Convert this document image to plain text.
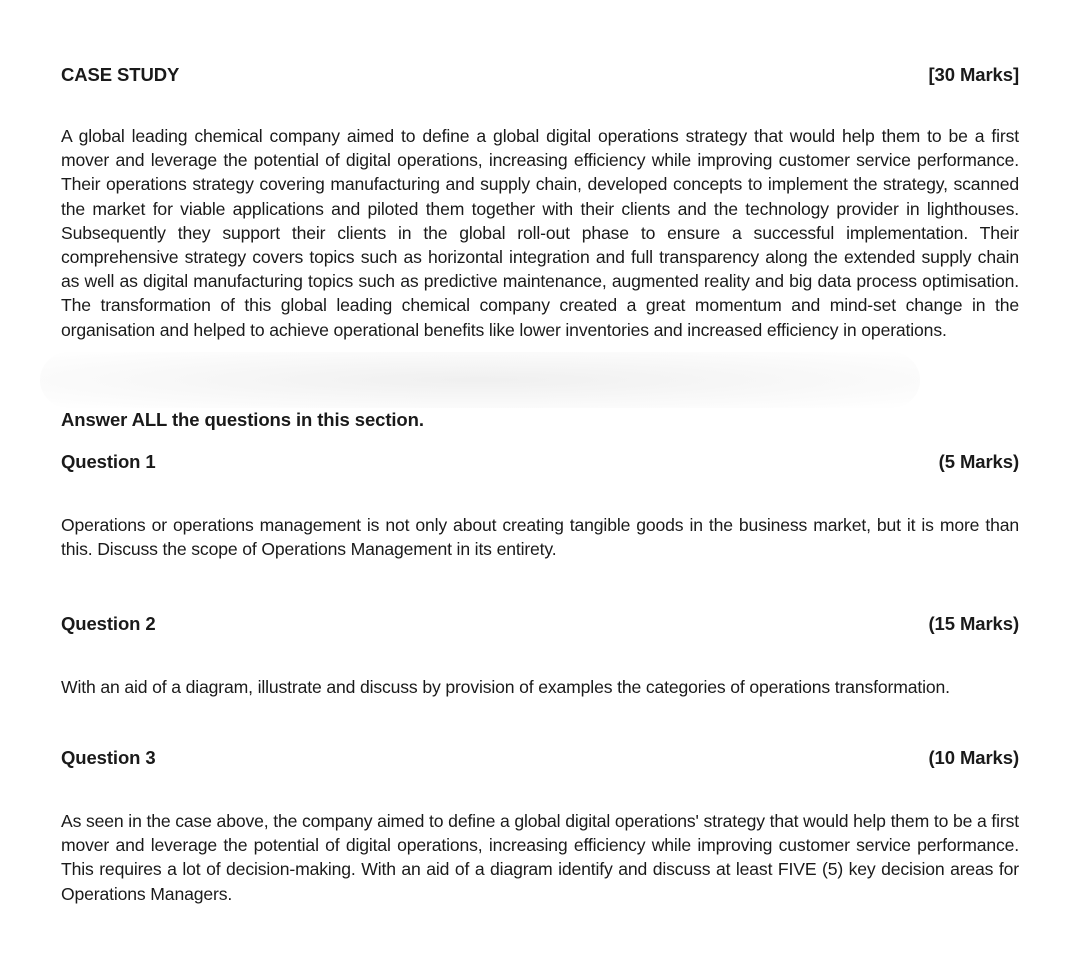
CASE STUDY	[30 Marks]

A global leading chemical company aimed to define a global digital operations strategy that would help them to be a first mover and leverage the potential of digital operations, increasing efficiency while improving customer service performance. Their operations strategy covering manufacturing and supply chain, developed concepts to implement the strategy, scanned the market for viable applications and piloted them together with their clients and the technology provider in lighthouses. Subsequently they support their clients in the global roll-out phase to ensure a successful implementation. Their comprehensive strategy covers topics such as horizontal integration and full transparency along the extended supply chain as well as digital manufacturing topics such as predictive maintenance, augmented reality and big data process optimisation. The transformation of this global leading chemical company created a great momentum and mind-set change in the organisation and helped to achieve operational benefits like lower inventories and increased efficiency in operations.

Answer ALL the questions in this section.
Question 1	(5 Marks)

Operations or operations management is not only about creating tangible goods in the business market, but it is more than this. Discuss the scope of Operations Management in its entirety.

Question 2	(15 Marks)

With an aid of a diagram, illustrate and discuss by provision of examples the categories of operations transformation.

Question 3	(10 Marks)

As seen in the case above, the company aimed to define a global digital operations' strategy that would help them to be a first mover and leverage the potential of digital operations, increasing efficiency while improving customer service performance. This requires a lot of decision-making. With an aid of a diagram identify and discuss at least FIVE (5) key decision areas for Operations Managers.
